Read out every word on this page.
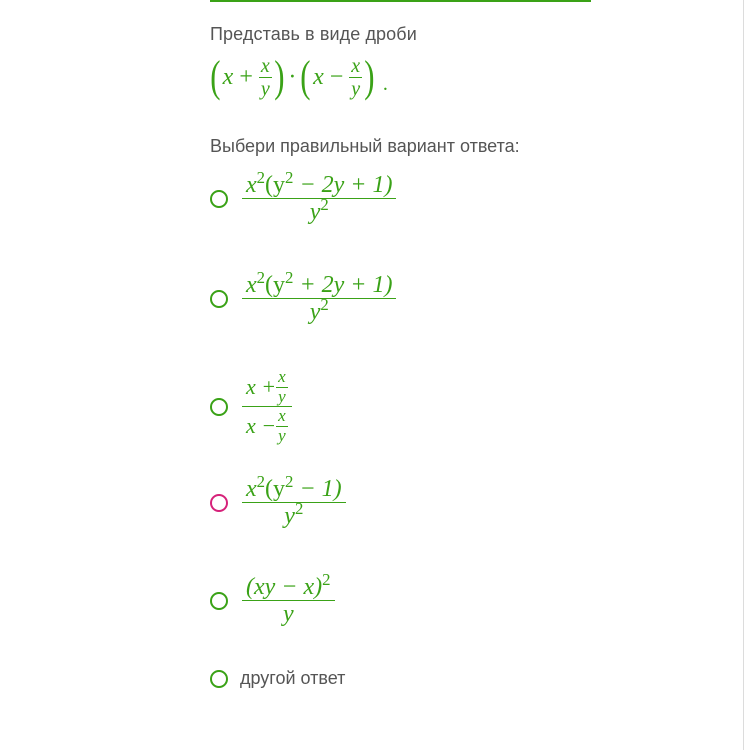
Представь в виде дроби
( $x + \frac{x}{y}$ ) · ( $x - \frac{x}{y}$ ) .
Выбери правильный вариант ответа:
$\frac{x^2(y^2 - 2y + 1)}{y^2}$
$\frac{x^2(y^2 + 2y + 1)}{y^2}$
$\frac{x + \frac{x}{y}}{x - \frac{x}{y}}$
$\frac{x^2(y^2 - 1)}{y^2}$
$\frac{(xy - x)^2}{y}$
другой ответ
